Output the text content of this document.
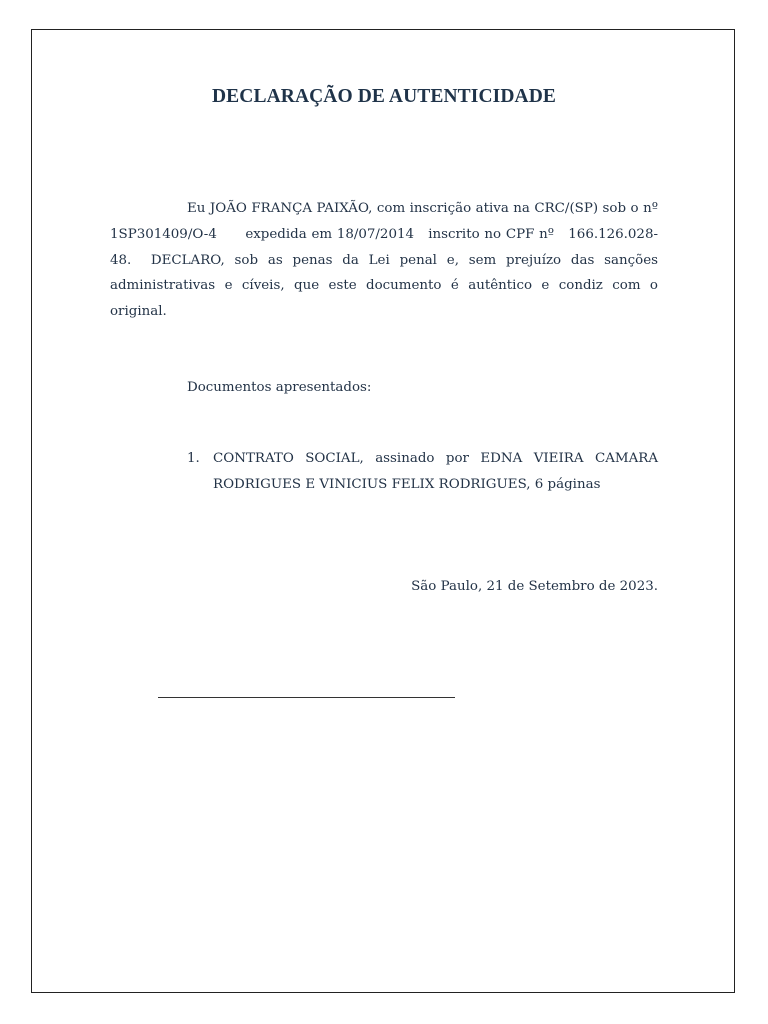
DECLARAÇÃO DE AUTENTICIDADE

Eu JOÃO FRANÇA PAIXÃO, com inscrição ativa na CRC/(SP) sob o nº 1SP301409/O-4      expedida em 18/07/2014   inscrito no CPF nº   166.126.028-48.  DECLARO, sob as penas da Lei penal e, sem prejuízo das sanções administrativas e cíveis, que este documento é autêntico e condiz com o original.

Documentos apresentados:

1. CONTRATO SOCIAL, assinado por EDNA VIEIRA CAMARA RODRIGUES E VINICIUS FELIX RODRIGUES, 6 páginas

São Paulo, 21 de Setembro de 2023.
